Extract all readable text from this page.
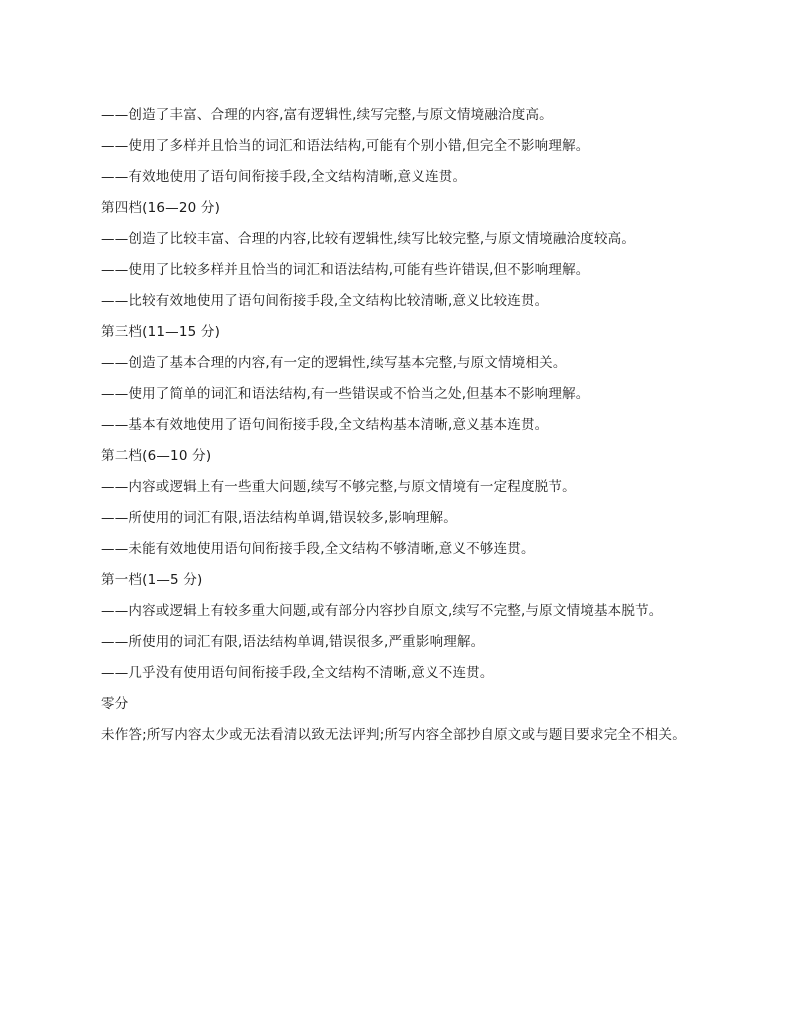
——创造了丰富、合理的内容,富有逻辑性,续写完整,与原文情境融洽度高。
——使用了多样并且恰当的词汇和语法结构,可能有个别小错,但完全不影响理解。
——有效地使用了语句间衔接手段,全文结构清晰,意义连贯。
第四档(16—20 分)
——创造了比较丰富、合理的内容,比较有逻辑性,续写比较完整,与原文情境融洽度较高。
——使用了比较多样并且恰当的词汇和语法结构,可能有些许错误,但不影响理解。
——比较有效地使用了语句间衔接手段,全文结构比较清晰,意义比较连贯。
第三档(11—15 分)
——创造了基本合理的内容,有一定的逻辑性,续写基本完整,与原文情境相关。
——使用了简单的词汇和语法结构,有一些错误或不恰当之处,但基本不影响理解。
——基本有效地使用了语句间衔接手段,全文结构基本清晰,意义基本连贯。
第二档(6—10 分)
——内容或逻辑上有一些重大问题,续写不够完整,与原文情境有一定程度脱节。
——所使用的词汇有限,语法结构单调,错误较多,影响理解。
——未能有效地使用语句间衔接手段,全文结构不够清晰,意义不够连贯。
第一档(1—5 分)
——内容或逻辑上有较多重大问题,或有部分内容抄自原文,续写不完整,与原文情境基本脱节。
——所使用的词汇有限,语法结构单调,错误很多,严重影响理解。
——几乎没有使用语句间衔接手段,全文结构不清晰,意义不连贯。
零分
未作答;所写内容太少或无法看清以致无法评判;所写内容全部抄自原文或与题目要求完全不相关。
